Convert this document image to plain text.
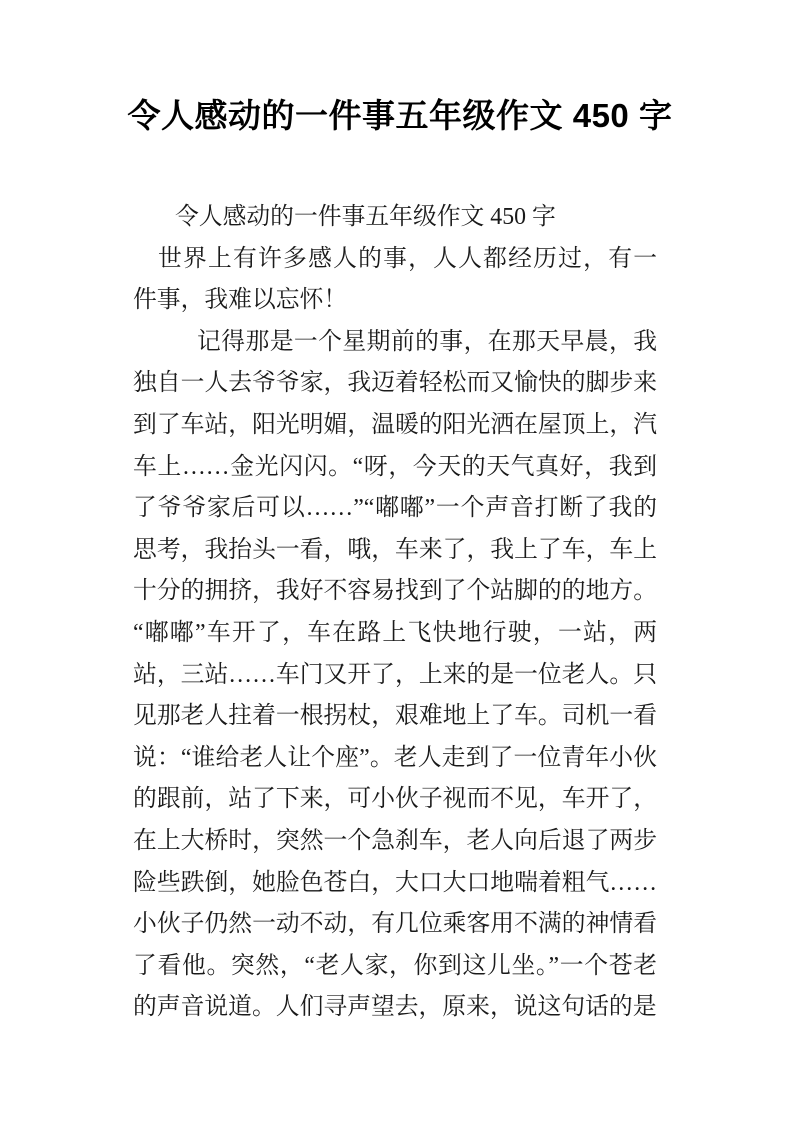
令人感动的一件事五年级作文 450 字

令人感动的一件事五年级作文 450 字

世界上有许多感人的事，人人都经历过，有一件事，我难以忘怀！

记得那是一个星期前的事，在那天早晨，我独自一人去爷爷家，我迈着轻松而又愉快的脚步来到了车站，阳光明媚，温暖的阳光洒在屋顶上，汽车上……金光闪闪。“呀，今天的天气真好，我到了爷爷家后可以……”“嘟嘟”一个声音打断了我的思考，我抬头一看，哦，车来了，我上了车，车上十分的拥挤，我好不容易找到了个站脚的的地方。“嘟嘟”车开了，车在路上飞快地行驶，一站，两站，三站……车门又开了，上来的是一位老人。只见那老人拄着一根拐杖，艰难地上了车。司机一看说：“谁给老人让个座”。老人走到了一位青年小伙的跟前，站了下来，可小伙子视而不见，车开了，在上大桥时，突然一个急刹车，老人向后退了两步险些跌倒，她脸色苍白，大口大口地喘着粗气……小伙子仍然一动不动，有几位乘客用不满的神情看了看他。突然，“老人家，你到这儿坐。”一个苍老的声音说道。人们寻声望去，原来，说这句话的是
